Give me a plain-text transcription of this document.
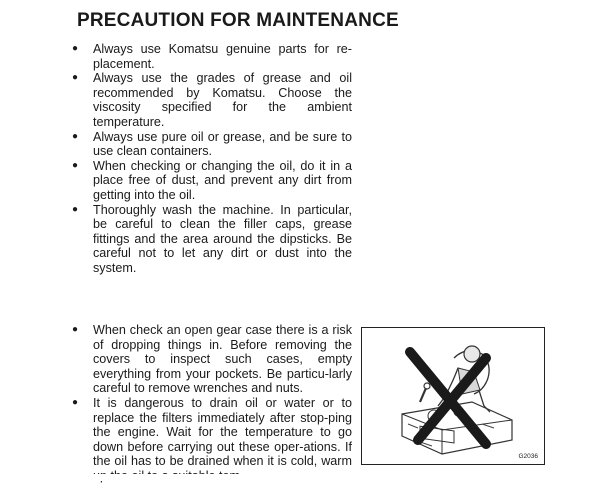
PRECAUTION FOR MAINTENANCE
● Always use Komatsu genuine parts for re-placement.
● Always use the grades of grease and oil recommended by Komatsu. Choose the viscosity specified for the ambient temperature.
● Always use pure oil or grease, and be sure to use clean containers.
● When checking or changing the oil, do it in a place free of dust, and prevent any dirt from getting into the oil.
● Thoroughly wash the machine. In particular, be careful to clean the filler caps, grease fittings and the area around the dipsticks. Be careful not to let any dirt or dust into the system.
● When check an open gear case there is a risk of dropping things in. Before removing the covers to inspect such cases, empty everything from your pockets. Be particu-larly careful to remove wrenches and nuts.
● It is dangerous to drain oil or water or to replace the filters immediately after stop-ping the engine. Wait for the temperature to go down before carrying out these oper-ations. If the oil has to be drained when it is cold, warm	G2036
